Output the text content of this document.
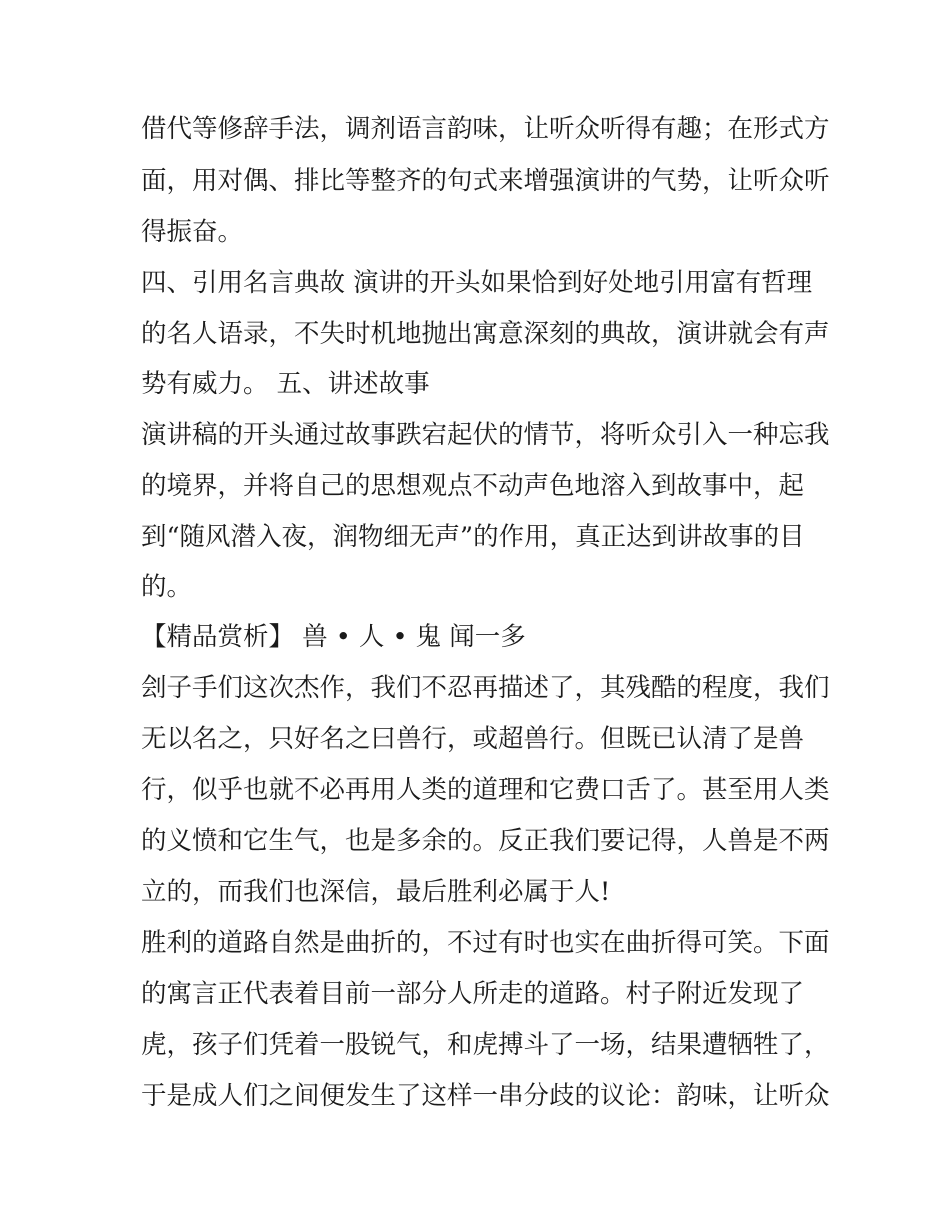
借代等修辞手法，调剂语言韵味，让听众听得有趣；在形式方
面，用对偶、排比等整齐的句式来增强演讲的气势，让听众听
得振奋。
四、引用名言典故 演讲的开头如果恰到好处地引用富有哲理
的名人语录，不失时机地抛出寓意深刻的典故，演讲就会有声
势有威力。 五、讲述故事
演讲稿的开头通过故事跌宕起伏的情节，将听众引入一种忘我
的境界，并将自己的思想观点不动声色地溶入到故事中，起
到“随风潜入夜，润物细无声”的作用，真正达到讲故事的目
的。
【精品赏析】 兽 • 人 • 鬼 闻一多
刽子手们这次杰作，我们不忍再描述了，其残酷的程度，我们
无以名之，只好名之曰兽行，或超兽行。但既已认清了是兽
行，似乎也就不必再用人类的道理和它费口舌了。甚至用人类
的义愤和它生气，也是多余的。反正我们要记得，人兽是不两
立的，而我们也深信，最后胜利必属于人!
胜利的道路自然是曲折的，不过有时也实在曲折得可笑。下面
的寓言正代表着目前一部分人所走的道路。村子附近发现了
虎，孩子们凭着一股锐气，和虎搏斗了一场，结果遭牺牲了，
于是成人们之间便发生了这样一串分歧的议论：韵味，让听众
